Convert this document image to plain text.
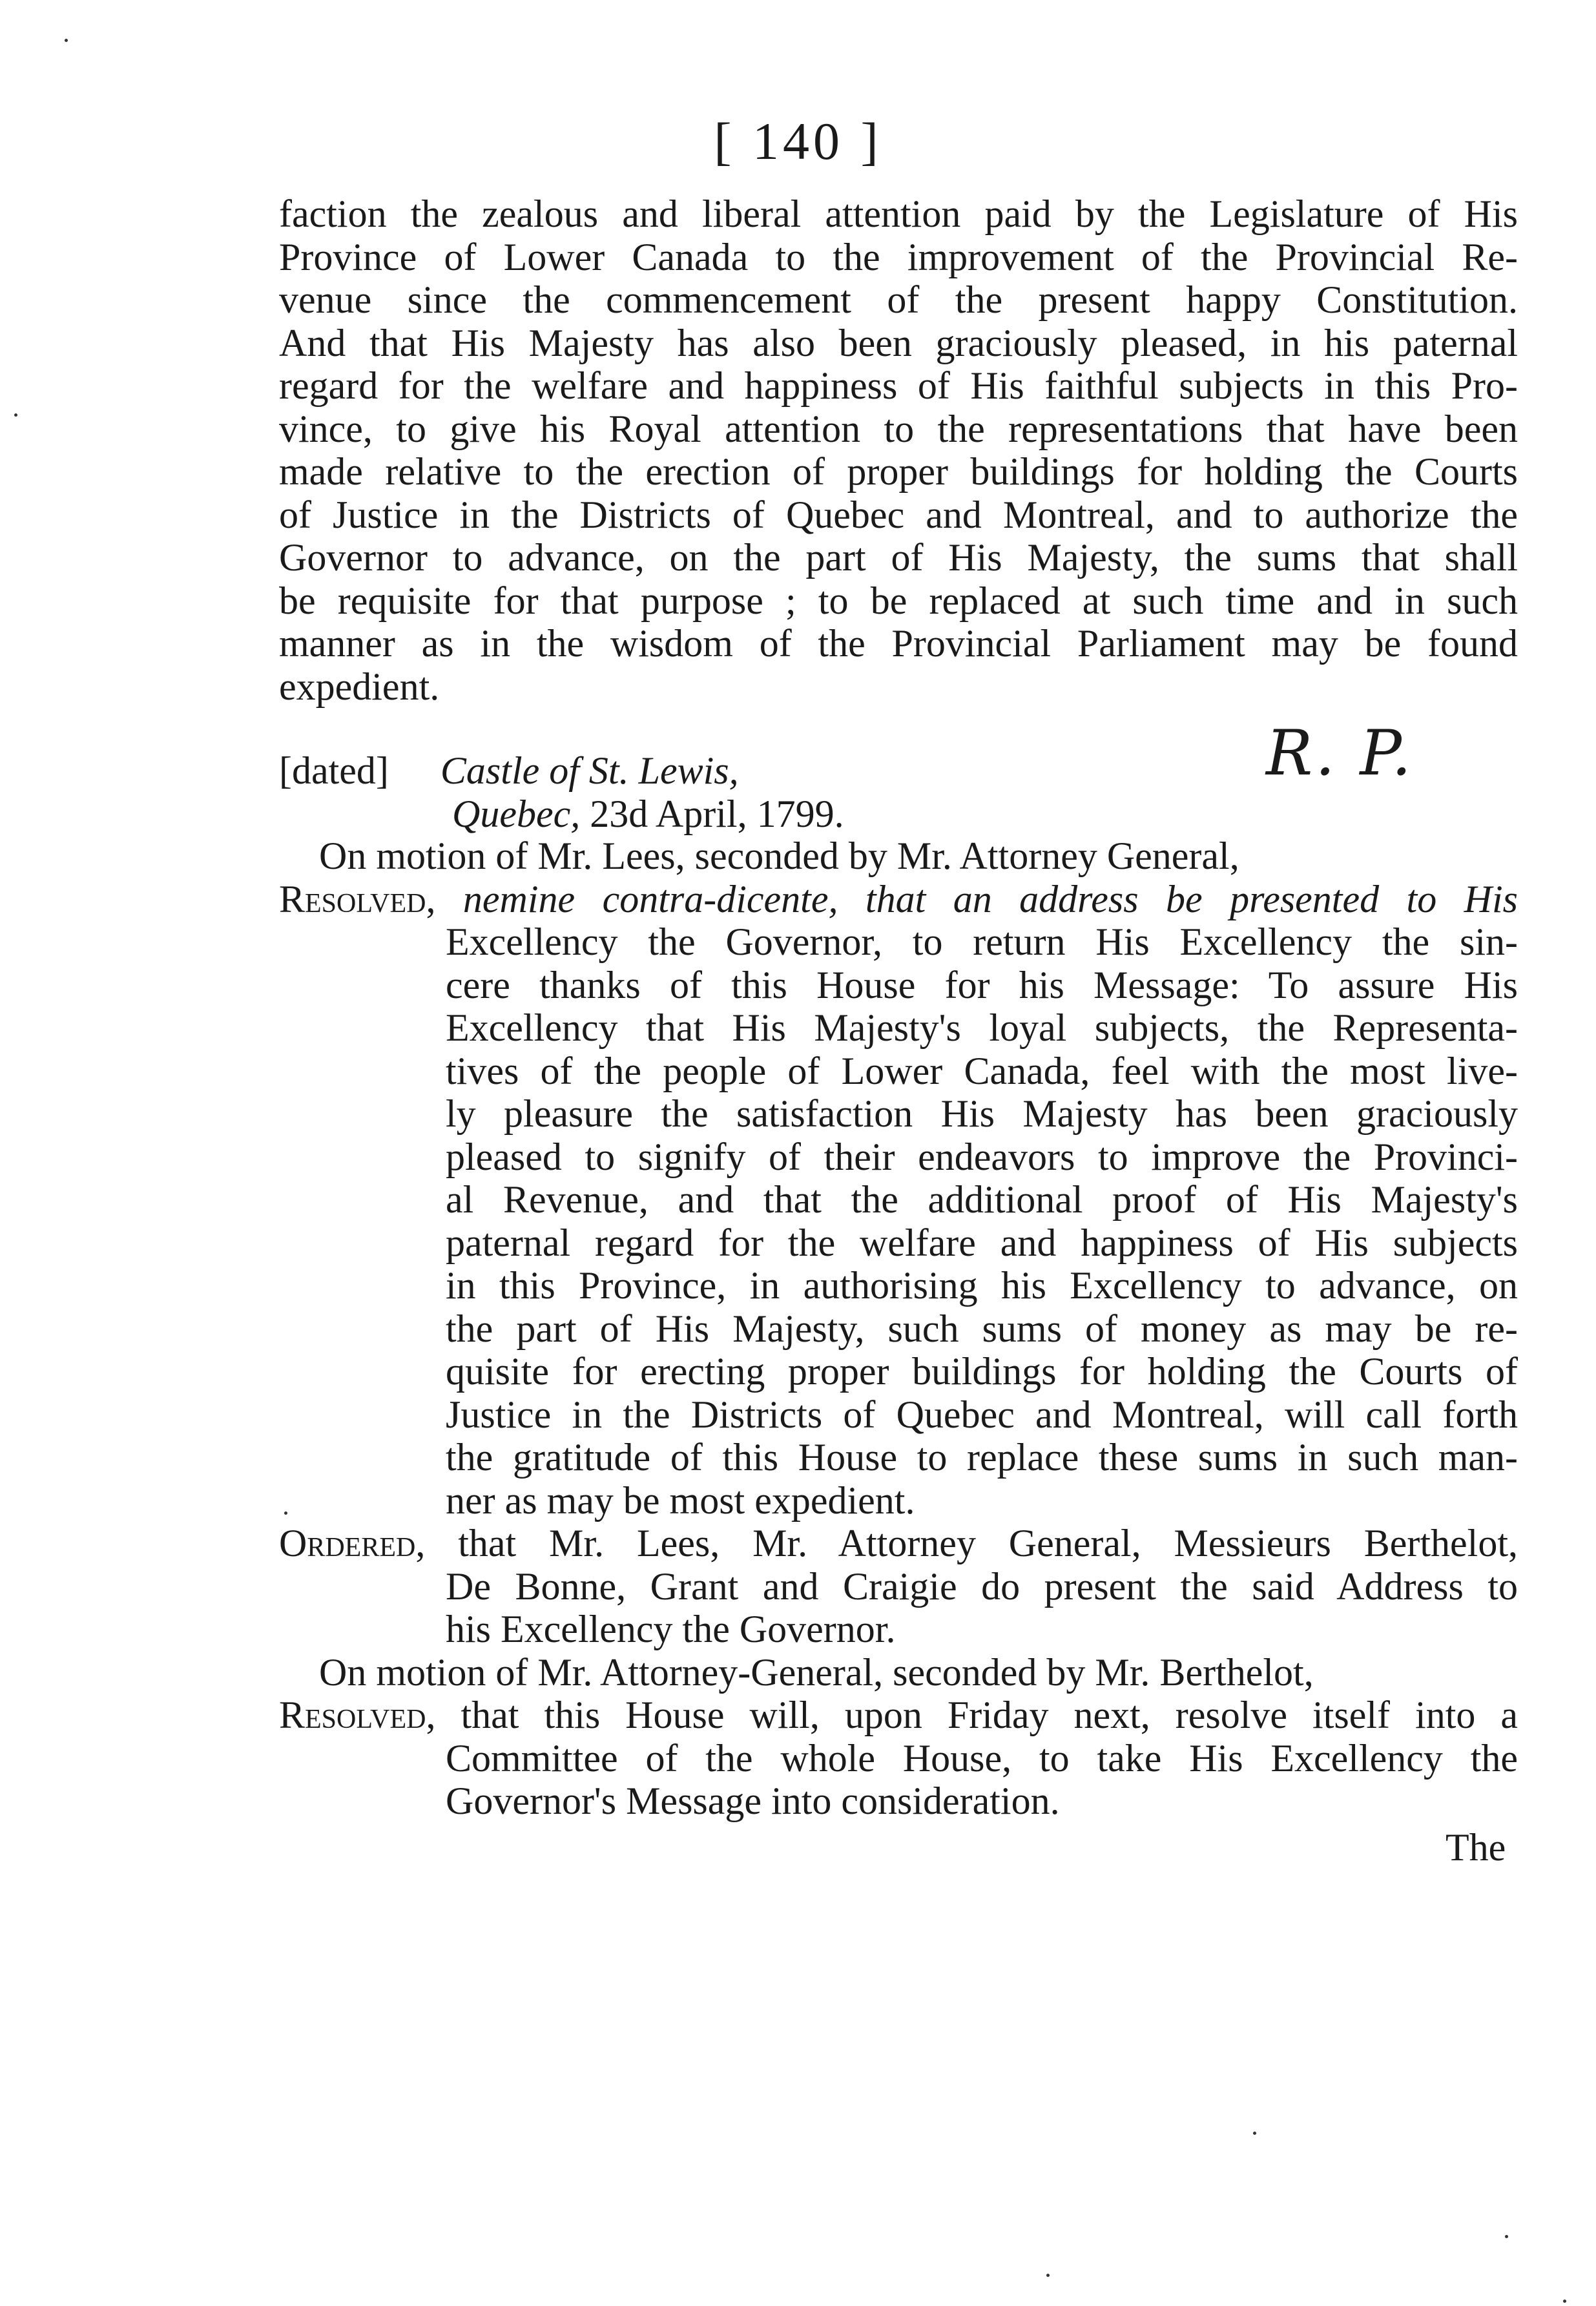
[ 140 ]
faction the zealous and liberal attention paid by the Legislature of His
Province of Lower Canada to the improvement of the Provincial Re-
venue since the commencement of the present happy Constitution.
And that His Majesty has also been graciously pleased, in his paternal
regard for the welfare and happiness of His faithful subjects in this Pro-
vince, to give his Royal attention to the representations that have been
made relative to the erection of proper buildings for holding the Courts
of Justice in the Districts of Quebec and Montreal, and to authorize the
Governor to advance, on the part of His Majesty, the sums that shall
be requisite for that purpose ; to be replaced at such time and in such
manner as in the wisdom of the Provincial Parliament may be found
expedient.
[dated] Castle of St. Lewis,
Quebec, 23d April, 1799.
R. P.
On motion of Mr. Lees, seconded by Mr. Attorney General,
Resolved, nemine contra-dicente, that an address be presented to His
Excellency the Governor, to return His Excellency the sin-
cere thanks of this House for his Message: To assure His
Excellency that His Majesty's loyal subjects, the Representa-
tives of the people of Lower Canada, feel with the most live-
ly pleasure the satisfaction His Majesty has been graciously
pleased to signify of their endeavors to improve the Provinci-
al Revenue, and that the additional proof of His Majesty's
paternal regard for the welfare and happiness of His subjects
in this Province, in authorising his Excellency to advance, on
the part of His Majesty, such sums of money as may be re-
quisite for erecting proper buildings for holding the Courts of
Justice in the Districts of Quebec and Montreal, will call forth
the gratitude of this House to replace these sums in such man-
ner as may be most expedient.
Ordered, that Mr. Lees, Mr. Attorney General, Messieurs Berthelot,
De Bonne, Grant and Craigie do present the said Address to
his Excellency the Governor.
On motion of Mr. Attorney-General, seconded by Mr. Berthelot,
Resolved, that this House will, upon Friday next, resolve itself into a
Committee of the whole House, to take His Excellency the
Governor's Message into consideration.
The
